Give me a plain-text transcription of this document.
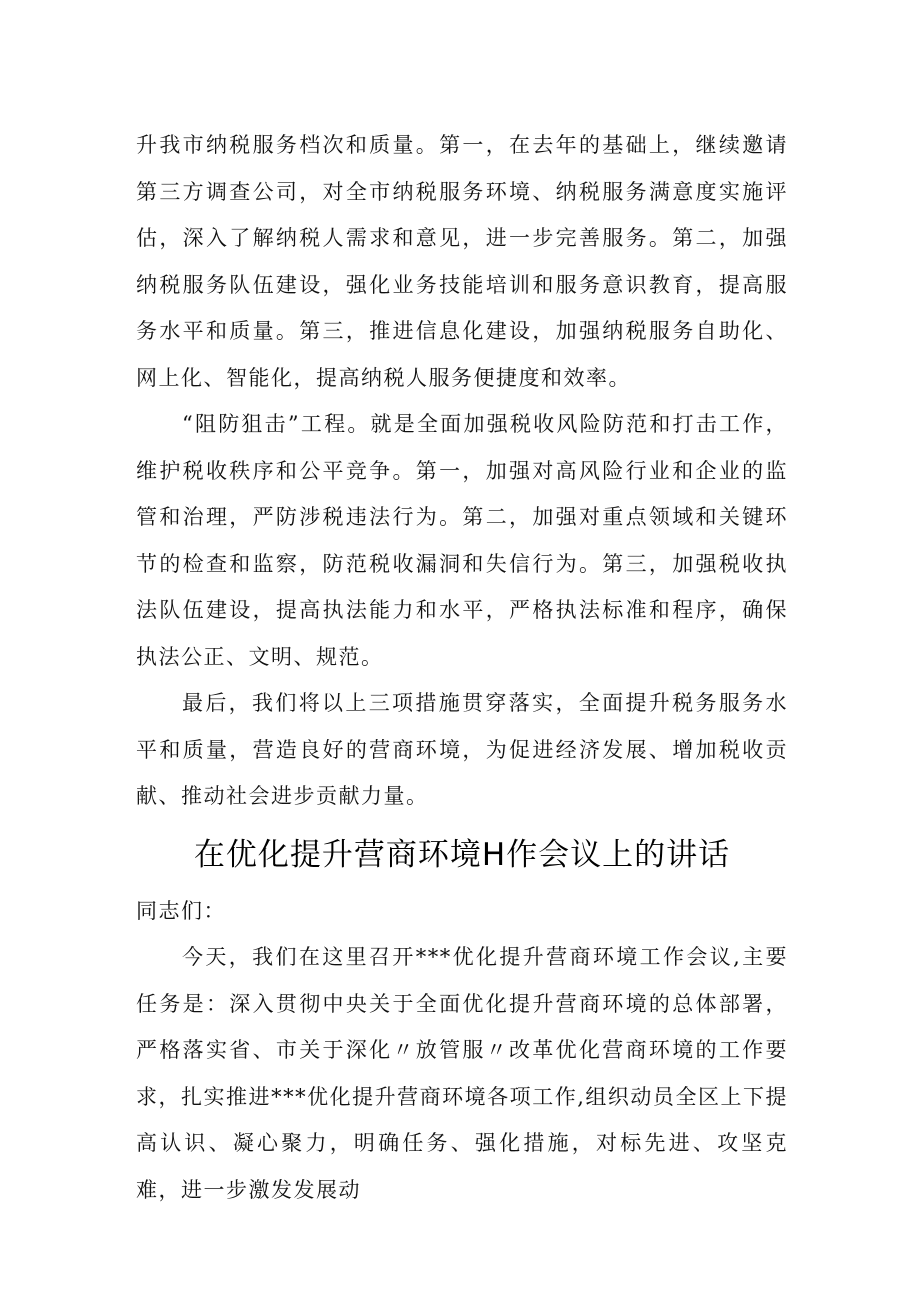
升我市纳税服务档次和质量。第一，在去年的基础上，继续邀请第三方调查公司，对全市纳税服务环境、纳税服务满意度实施评估，深入了解纳税人需求和意见，进一步完善服务。第二，加强纳税服务队伍建设，强化业务技能培训和服务意识教育，提高服务水平和质量。第三，推进信息化建设，加强纳税服务自助化、网上化、智能化，提高纳税人服务便捷度和效率。

“阻防狙击”工程。就是全面加强税收风险防范和打击工作，维护税收秩序和公平竞争。第一，加强对高风险行业和企业的监管和治理，严防涉税违法行为。第二，加强对重点领域和关键环节的检查和监察，防范税收漏洞和失信行为。第三，加强税收执法队伍建设，提高执法能力和水平，严格执法标准和程序，确保执法公正、文明、规范。

最后，我们将以上三项措施贯穿落实，全面提升税务服务水平和质量，营造良好的营商环境，为促进经济发展、增加税收贡献、推动社会进步贡献力量。

在优化提升营商环境H作会议上的讲话

同志们：

今天，我们在这里召开***优化提升营商环境工作会议,主要任务是：深入贯彻中央关于全面优化提升营商环境的总体部署，严格落实省、市关于深化〃放管服〃改革优化营商环境的工作要求，扎实推进***优化提升营商环境各项工作,组织动员全区上下提高认识、凝心聚力，明确任务、强化措施，对标先进、攻坚克难，进一步激发发展动
